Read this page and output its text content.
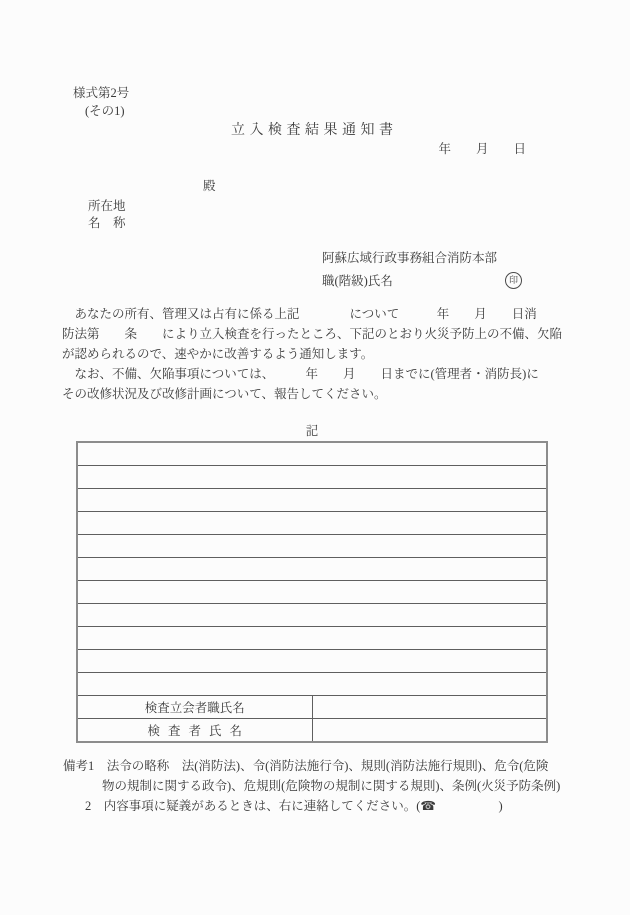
様式第2号
(その1)
立入検査結果通知書
年　　月　　日
殿
所在地
名　称
阿蘇広域行政事務組合消防本部
職(階級)氏名	印
　あなたの所有、管理又は占有に係る上記　　　　について　　　年　　月　　日消
防法第　　条　　により立入検査を行ったところ、下記のとおり火災予防上の不備、欠陥
が認められるので、速やかに改善するよう通知します。
　なお、不備、欠陥事項については、　　　年　　月　　日までに(管理者・消防長)に
その改修状況及び改修計画について、報告してください。
記

検査立会者職氏名	
検査者氏名	
備考1　法令の略称　法(消防法)、令(消防法施行令)、規則(消防法施行規則)、危令(危険
物の規制に関する政令)、危規則(危険物の規制に関する規則)、条例(火災予防条例)
2　内容事項に疑義があるときは、右に連絡してください。(☎　　　　　)
